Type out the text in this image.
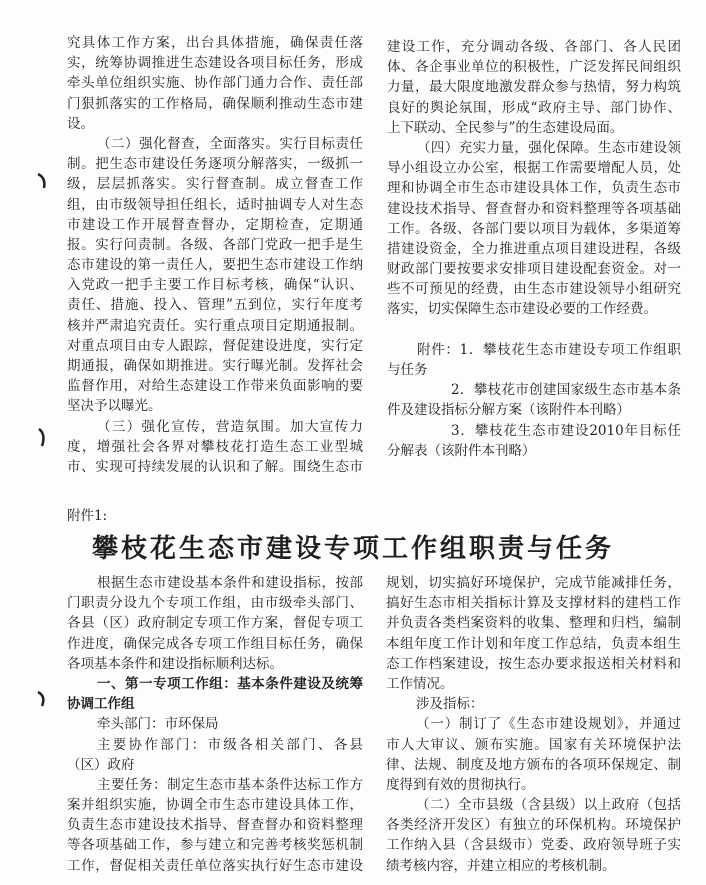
究具体工作方案，出台具体措施，确保责任落
实，统筹协调推进生态建设各项目标任务，形成
牵头单位组织实施、协作部门通力合作、责任部
门狠抓落实的工作格局，确保顺利推动生态市建
设。
（二）强化督查，全面落实。实行目标责任
制。把生态市建设任务逐项分解落实，一级抓一
级，层层抓落实。实行督查制。成立督查工作
组，由市级领导担任组长，适时抽调专人对生态
市建设工作开展督查督办，定期检查，定期通
报。实行问责制。各级、各部门党政一把手是生
态市建设的第一责任人，要把生态市建设工作纳
入党政一把手主要工作目标考核，确保“认识、
责任、措施、投入、管理”五到位，实行年度考
核并严肃追究责任。实行重点项目定期通报制。
对重点项目由专人跟踪，督促建设进度，实行定
期通报，确保如期推进。实行曝光制。发挥社会
监督作用，对给生态建设工作带来负面影响的要
坚决予以曝光。
（三）强化宣传，营造氛围。加大宣传力
度，增强社会各界对攀枝花打造生态工业型城
市、实现可持续发展的认识和了解。围绕生态市
建设工作，充分调动各级、各部门、各人民团
体、各企事业单位的积极性，广泛发挥民间组织
力量，最大限度地激发群众参与热情，努力构筑
良好的舆论氛围，形成“政府主导、部门协作、
上下联动、全民参与”的生态建设局面。
（四）充实力量，强化保障。生态市建设领
导小组设立办公室，根据工作需要增配人员，处
理和协调全市生态市建设具体工作，负责生态市
建设技术指导、督查督办和资料整理等各项基础
工作。各级、各部门要以项目为载体，多渠道筹
措建设资金，全力推进重点项目建设进程，各级
财政部门要按要求安排项目建设配套资金。对一
些不可预见的经费，由生态市建设领导小组研究
落实，切实保障生态市建设必要的工作经费。
附件：1．攀枝花生态市建设专项工作组职
与任务
2．攀枝花市创建国家级生态市基本条
件及建设指标分解方案（该附件本刊略）
3．攀枝花生态市建设2010年目标任
分解表（该附件本刊略）
附件1:
攀枝花生态市建设专项工作组职责与任务
根据生态市建设基本条件和建设指标，按部
门职责分设九个专项工作组，由市级牵头部门、
各县（区）政府制定专项工作方案，督促专项工
作进度，确保完成各专项工作组目标任务，确保
各项基本条件和建设指标顺利达标。
一、第一专项工作组：基本条件建设及统筹
协调工作组
牵头部门：市环保局
主要协作部门：市级各相关部门、各县
（区）政府
主要任务：制定生态市基本条件达标工作方
案并组织实施，协调全市生态市建设具体工作，
负责生态市建设技术指导、督查督办和资料整理
等各项基础工作，参与建立和完善考核奖惩机制
工作，督促相关责任单位落实执行好生态市建设
规划，切实搞好环境保护，完成节能减排任务，
搞好生态市相关指标计算及支撑材料的建档工作
并负责各类档案资料的收集、整理和归档，编制
本组年度工作计划和年度工作总结，负责本组生
态工作档案建设，按生态办要求报送相关材料和
工作情况。
涉及指标：
（一）制订了《生态市建设规划》，并通过
市人大审议、颁布实施。国家有关环境保护法
律、法规、制度及地方颁布的各项环保规定、制
度得到有效的贯彻执行。
（二）全市县级（含县级）以上政府（包括
各类经济开发区）有独立的环保机构。环境保护
工作纳入县（含县级市）党委、政府领导班子实
绩考核内容，并建立相应的考核机制。
